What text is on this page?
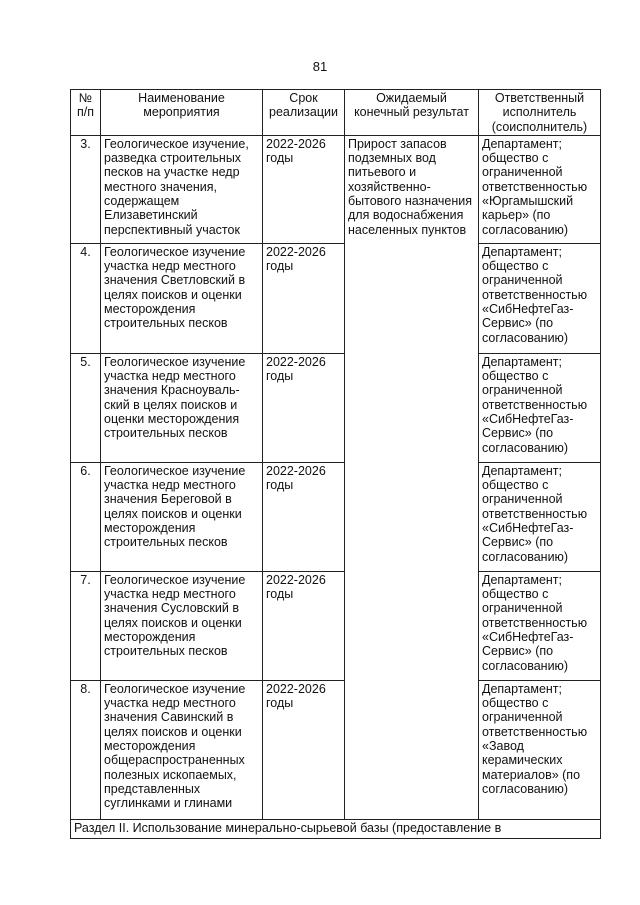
81
№ п/п	Наименование мероприятия	Срок реализации	Ожидаемый конечный результат	Ответственный исполнитель (соисполнитель)
3.	Геологическое изучение, разведка строительных песков на участке недр местного значения, содержащем Елизаветинский перспективный участок	2022-2026 годы	Прирост запасов подземных вод питьевого и хозяйственно-бытового назначения для водоснабжения населенных пунктов	Департамент; общество с ограниченной ответственностью «Юргамышский карьер» (по согласованию)
4.	Геологическое изучение участка недр местного значения Светловский в целях поисков и оценки месторождения строительных песков	2022-2026 годы		Департамент; общество с ограниченной ответственностью «СибНефтеГаз-Сервис» (по согласованию)
5.	Геологическое изучение участка недр местного значения Красноуваль-ский в целях поисков и оценки месторождения строительных песков	2022-2026 годы		Департамент; общество с ограниченной ответственностью «СибНефтеГаз-Сервис» (по согласованию)
6.	Геологическое изучение участка недр местного значения Береговой в целях поисков и оценки месторождения строительных песков	2022-2026 годы		Департамент; общество с ограниченной ответственностью «СибНефтеГаз-Сервис» (по согласованию)
7.	Геологическое изучение участка недр местного значения Сусловский в целях поисков и оценки месторождения строительных песков	2022-2026 годы		Департамент; общество с ограниченной ответственностью «СибНефтеГаз-Сервис» (по согласованию)
8.	Геологическое изучение участка недр местного значения Савинский в целях поисков и оценки месторождения общераспространенных полезных ископаемых, представленных суглинками и глинами	2022-2026 годы		Департамент; общество с ограниченной ответственностью «Завод керамических материалов» (по согласованию)
Раздел II. Использование минерально-сырьевой базы (предоставление в				
